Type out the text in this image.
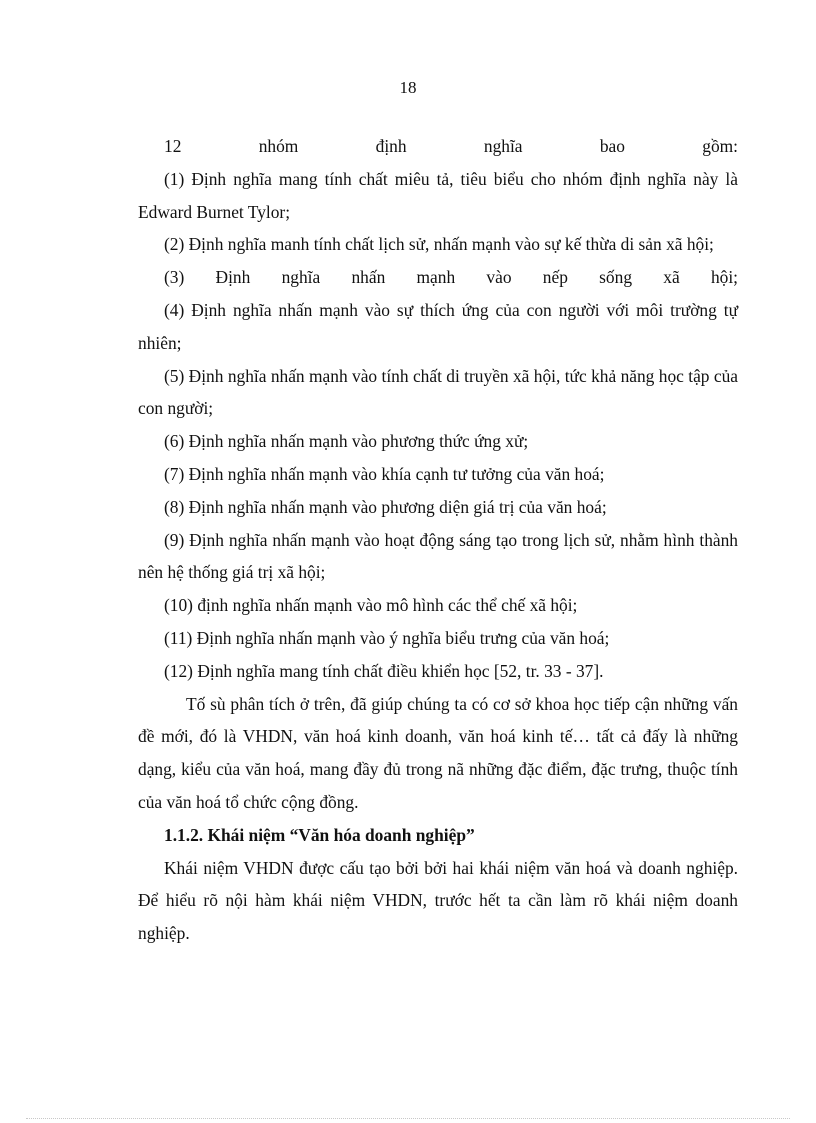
18

12 nhóm định nghĩa bao gồm:

(1) Định nghĩa mang tính chất miêu tả, tiêu biểu cho nhóm định nghĩa này là Edward Burnet Tylor;

(2) Định nghĩa manh tính chất lịch sử, nhấn mạnh vào sự kế thừa di sản xã hội;

(3) Định nghĩa nhấn mạnh vào nếp sống xã hội;

(4) Định nghĩa nhấn mạnh vào sự thích ứng của con người với môi trường tự nhiên;

(5) Định nghĩa nhấn mạnh vào tính chất di truyền xã hội, tức khả năng học tập của con người;

(6) Định nghĩa nhấn mạnh vào phương thức ứng xử;

(7) Định nghĩa nhấn mạnh vào khía cạnh tư tưởng của văn hoá;

(8) Định nghĩa nhấn mạnh vào phương diện giá trị của văn hoá;

(9) Định nghĩa nhấn mạnh vào hoạt động sáng tạo trong lịch sử, nhằm hình thành nên hệ thống giá trị xã hội;

(10) định nghĩa nhấn mạnh vào mô hình các thể chế xã hội;

(11) Định nghĩa nhấn mạnh vào ý nghĩa biểu trưng của văn hoá;

(12) Định nghĩa mang tính chất điều khiển học [52, tr. 33 - 37].

Tố sù phân tích ở trên, đã giúp chúng ta có cơ sở khoa học tiếp cận những vấn đề mới, đó là VHDN, văn hoá kinh doanh, văn hoá kinh tế… tất cả đấy là những dạng, kiểu của văn hoá, mang đầy đủ trong nã những đặc điểm, đặc trưng, thuộc tính của văn hoá tổ chức cộng đồng.

1.1.2. Khái niệm “Văn hóa doanh nghiệp”

Khái niệm VHDN được cấu tạo bởi bởi hai khái niệm văn hoá và doanh nghiệp. Để hiểu rõ nội hàm khái niệm VHDN, trước hết ta cần làm rõ khái niệm doanh nghiệp.
